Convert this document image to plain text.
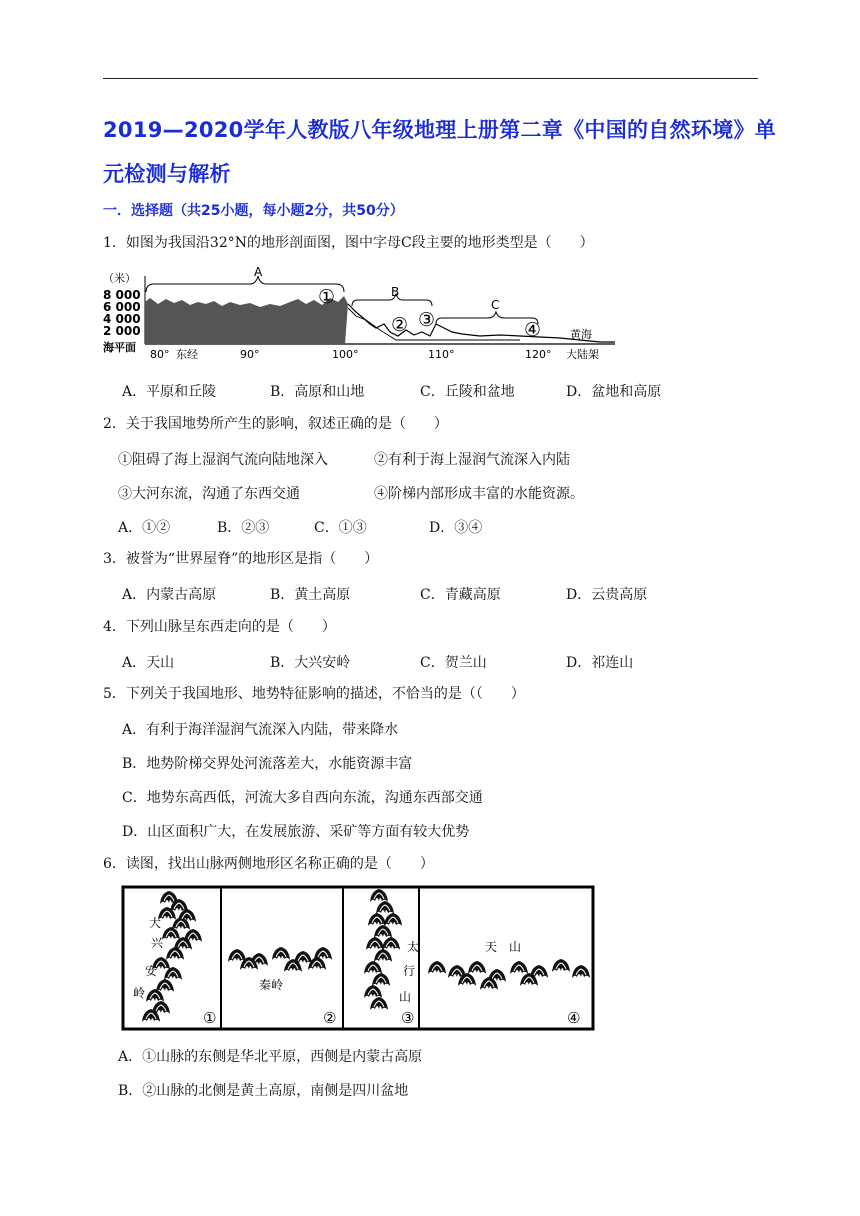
2019—2020学年人教版八年级地理上册第二章《中国的自然环境》单
元检测与解析
一．选择题（共25小题，每小题2分，共50分）
1．如图为我国沿32°N的地形剖面图，图中字母C段主要的地形类型是（　　）
（米）
8 000
6 000
4 000
2 000
海平面
80° 东经	90°	100°	110°	120°
A
B
C
①
② ③	④	黄海
大陆架
A．平原和丘陵	B．高原和山地	C．丘陵和盆地	D．盆地和高原
2．关于我国地势所产生的影响，叙述正确的是（　　）
①阻碍了海上湿润气流向陆地深入	②有利于海上湿润气流深入内陆
③大河东流，沟通了东西交通	④阶梯内部形成丰富的水能资源。
A．①②	B．②③	C．①③	D．③④
3．被誉为“世界屋脊”的地形区是指（　　）
A．内蒙古高原	B．黄土高原	C．青藏高原	D．云贵高原
4．下列山脉呈东西走向的是（　　）
A．天山	B．大兴安岭	C．贺兰山	D．祁连山
5．下列关于我国地形、地势特征影响的描述，不恰当的是（（　　）
A．有利于海洋湿润气流深入内陆，带来降水
B．地势阶梯交界处河流落差大，水能资源丰富
C．地势东高西低，河流大多自西向东流，沟通东西部交通
D．山区面积广大，在发展旅游、采矿等方面有较大优势
6．读图，找出山脉两侧地形区名称正确的是（　　）
大
兴
安
岭
①
秦岭
②
太
行
山
③
天　山
④
A．①山脉的东侧是华北平原，西侧是内蒙古高原
B．②山脉的北侧是黄土高原，南侧是四川盆地
